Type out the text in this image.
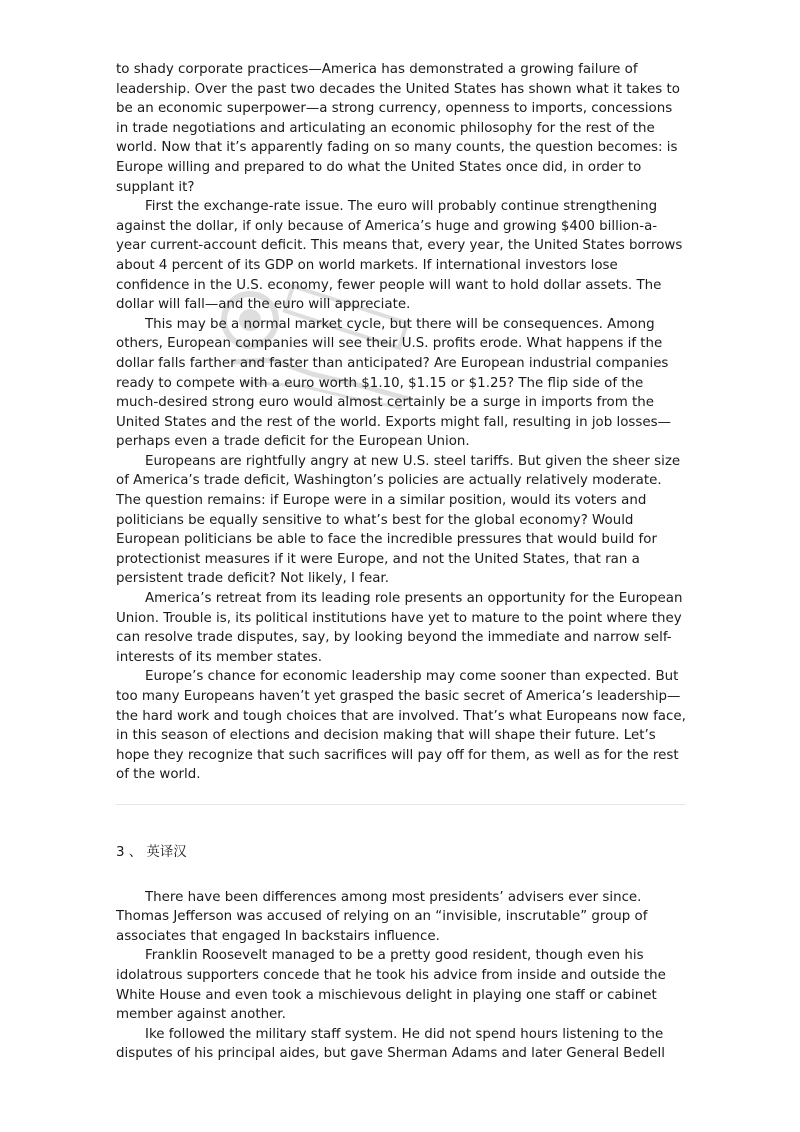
to shady corporate practices—America has demonstrated a growing failure of leadership. Over the past two decades the United States has shown what it takes to be an economic superpower—a strong currency, openness to imports, concessions in trade negotiations and articulating an economic philosophy for the rest of the world. Now that it’s apparently fading on so many counts, the question becomes: is Europe willing and prepared to do what the United States once did, in order to supplant it?

First the exchange-rate issue. The euro will probably continue strengthening against the dollar, if only because of America’s huge and growing $400 billion-a-year current-account deficit. This means that, every year, the United States borrows about 4 percent of its GDP on world markets. If international investors lose confidence in the U.S. economy, fewer people will want to hold dollar assets. The dollar will fall—and the euro will appreciate.

This may be a normal market cycle, but there will be consequences. Among others, European companies will see their U.S. profits erode. What happens if the dollar falls farther and faster than anticipated? Are European industrial companies ready to compete with a euro worth $1.10, $1.15 or $1.25? The flip side of the much-desired strong euro would almost certainly be a surge in imports from the United States and the rest of the world. Exports might fall, resulting in job losses—perhaps even a trade deficit for the European Union.

Europeans are rightfully angry at new U.S. steel tariffs. But given the sheer size of America’s trade deficit, Washington’s policies are actually relatively moderate. The question remains: if Europe were in a similar position, would its voters and politicians be equally sensitive to what’s best for the global economy? Would European politicians be able to face the incredible pressures that would build for protectionist measures if it were Europe, and not the United States, that ran a persistent trade deficit? Not likely, I fear.

America’s retreat from its leading role presents an opportunity for the European Union. Trouble is, its political institutions have yet to mature to the point where they can resolve trade disputes, say, by looking beyond the immediate and narrow self-interests of its member states.

Europe’s chance for economic leadership may come sooner than expected. But too many Europeans haven’t yet grasped the basic secret of America’s leadership—the hard work and tough choices that are involved. That’s what Europeans now face, in this season of elections and decision making that will shape their future. Let’s hope they recognize that such sacrifices will pay off for them, as well as for the rest of the world.

3 、 英译汉

There have been differences among most presidents’ advisers ever since. Thomas Jefferson was accused of relying on an “invisible, inscrutable” group of associates that engaged In backstairs influence.

Franklin Roosevelt managed to be a pretty good resident, though even his idolatrous supporters concede that he took his advice from inside and outside the White House and even took a mischievous delight in playing one staff or cabinet member against another.

Ike followed the military staff system. He did not spend hours listening to the disputes of his principal aides, but gave Sherman Adams and later General Bedell
